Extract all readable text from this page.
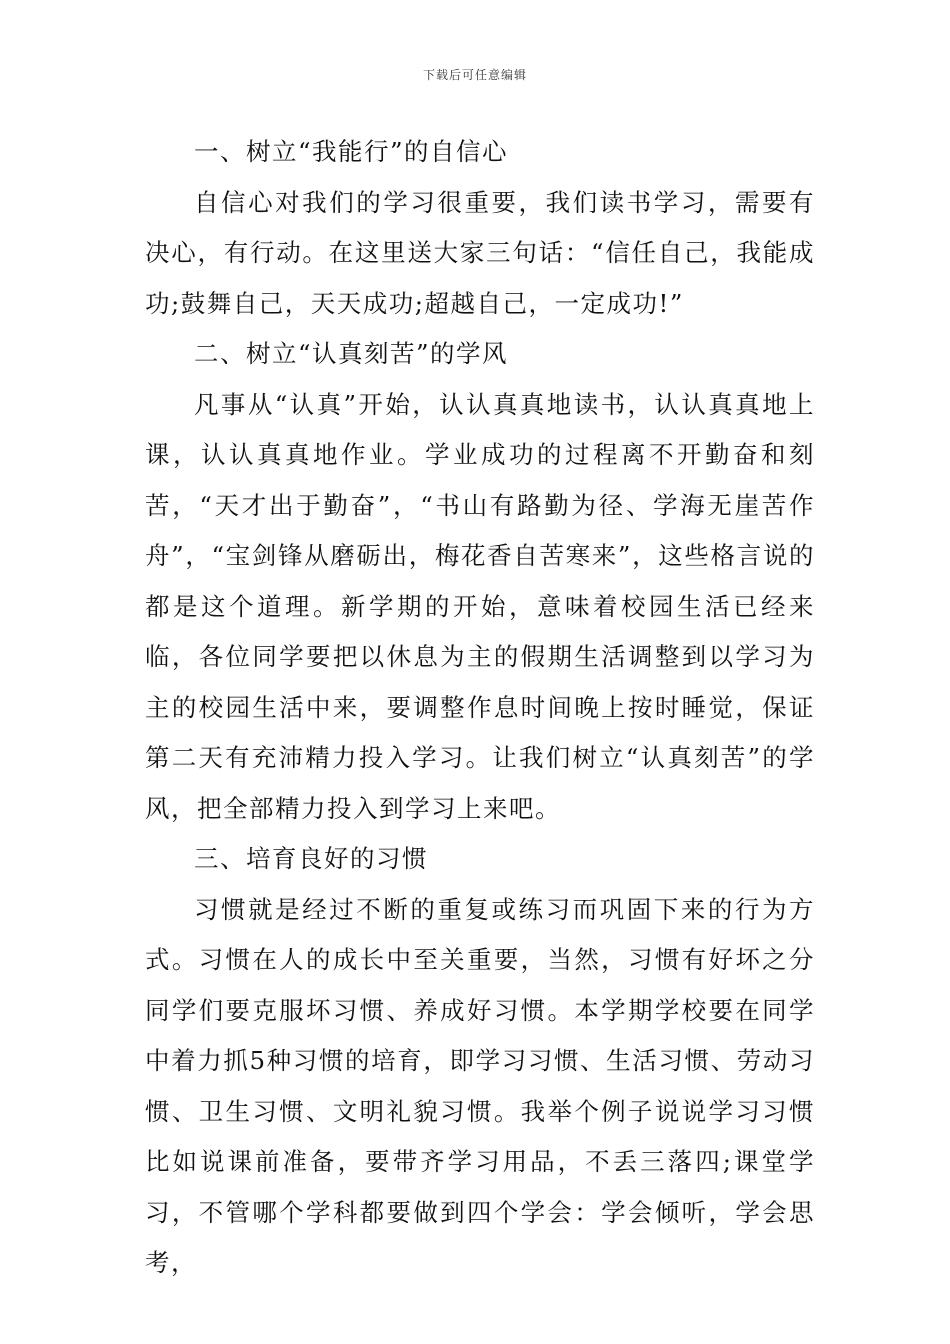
下载后可任意编辑

一、树立“我能行”的自信心

自信心对我们的学习很重要，我们读书学习，需要有决心，有行动。在这里送大家三句话：“信任自己，我能成功;鼓舞自己，天天成功;超越自己，一定成功!”

二、树立“认真刻苦”的学风

凡事从“认真”开始，认认真真地读书，认认真真地上课，认认真真地作业。学业成功的过程离不开勤奋和刻苦，“天才出于勤奋”，“书山有路勤为径、学海无崖苦作舟”，“宝剑锋从磨砺出，梅花香自苦寒来”，这些格言说的都是这个道理。新学期的开始，意味着校园生活已经来临，各位同学要把以休息为主的假期生活调整到以学习为主的校园生活中来，要调整作息时间晚上按时睡觉，保证第二天有充沛精力投入学习。让我们树立“认真刻苦”的学风，把全部精力投入到学习上来吧。

三、培育良好的习惯

习惯就是经过不断的重复或练习而巩固下来的行为方式。习惯在人的成长中至关重要，当然，习惯有好坏之分同学们要克服坏习惯、养成好习惯。本学期学校要在同学中着力抓5种习惯的培育，即学习习惯、生活习惯、劳动习惯、卫生习惯、文明礼貌习惯。我举个例子说说学习习惯比如说课前准备，要带齐学习用品，不丢三落四;课堂学习，不管哪个学科都要做到四个学会：学会倾听，学会思考，
